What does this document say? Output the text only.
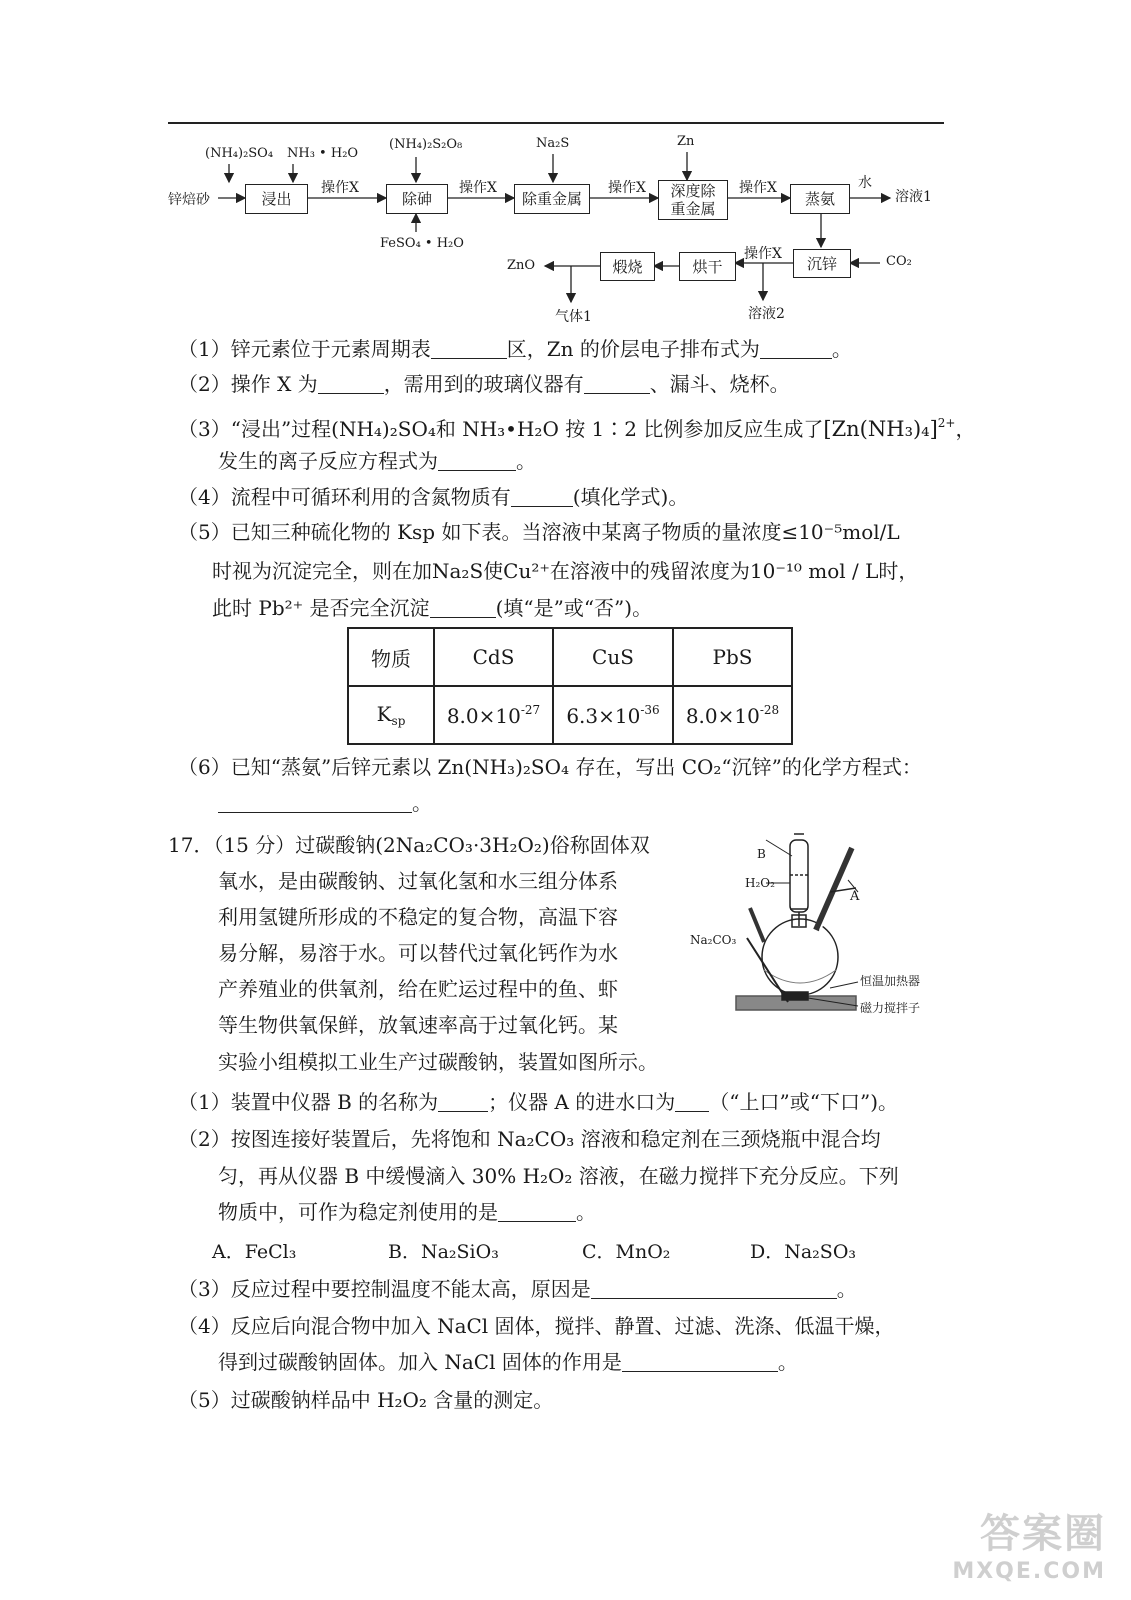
浸出	除砷	除重金属	深度除
重金属
蒸氨
沉锌
烘干
煅烧
锌焙砂
(NH₄)₂SO₄ NH₃ • H₂O
(NH₄)₂S₂O₈
FeSO₄ • H₂O
Na₂S	Zn
操作X	操作X	操作X	操作X
操作X
水
溶液1
CO₂
溶液2
ZnO
气体1
（1）锌元素位于元素周期表	区，Zn 的价层电子排布式为	。
（2）操作 X 为	，需用到的玻璃仪器有	、漏斗、烧杯。
（3）“浸出”过程(NH₄)₂SO₄和 NH₃•H₂O 按 1∶2 比例参加反应生成了$[Zn(NH_3)_4]^{2+}$，
发生的离子反应方程式为	。
（4）流程中可循环利用的含氮物质有	(填化学式)。
（5）已知三种硫化物的 Ksp 如下表。当溶液中某离子物质的量浓度≤10⁻⁵mol/L
时视为沉淀完全，则在加Na₂S使Cu²⁺在溶液中的残留浓度为10⁻¹⁰ mol / L时，
此时 Pb²⁺ 是否完全沉淀	(填“是”或“否”)。
物质	CdS	CuS	PbS
$K_{sp}$	$8.0\times 10^{-27}$	$6.3\times 10^{-36}$	$8.0\times 10^{-28}$
（6）已知“蒸氨”后锌元素以 Zn(NH₃)₂SO₄ 存在，写出 CO₂“沉锌”的化学方程式：
。
17．（15 分）过碳酸钠(2Na₂CO₃·3H₂O₂)俗称固体双
氧水，是由碳酸钠、过氧化氢和水三组分体系
利用氢键所形成的不稳定的复合物，高温下容
易分解，易溶于水。可以替代过氧化钙作为水
产养殖业的供氧剂，给在贮运过程中的鱼、虾
等生物供氧保鲜，放氧速率高于过氧化钙。某
实验小组模拟工业生产过碳酸钠，装置如图所示。
B
H₂O₂
A
Na₂CO₃
恒温加热器
磁力搅拌子
（1）装置中仪器 B 的名称为	；仪器 A 的进水口为 （“上口”或“下口”)。
（2）按图连接好装置后，先将饱和 Na₂CO₃ 溶液和稳定剂在三颈烧瓶中混合均
匀，再从仪器 B 中缓慢滴入 30% H₂O₂ 溶液，在磁力搅拌下充分反应。下列
物质中，可作为稳定剂使用的是	。
A．FeCl₃	B．Na₂SiO₃	C．MnO₂	D．Na₂SO₃
（3）反应过程中要控制温度不能太高，原因是	。
（4）反应后向混合物中加入 NaCl 固体，搅拌、静置、过滤、洗涤、低温干燥，
得到过碳酸钠固体。加入 NaCl 固体的作用是	。
（5）过碳酸钠样品中 H₂O₂ 含量的测定。
答案圈
MXQE.COM
